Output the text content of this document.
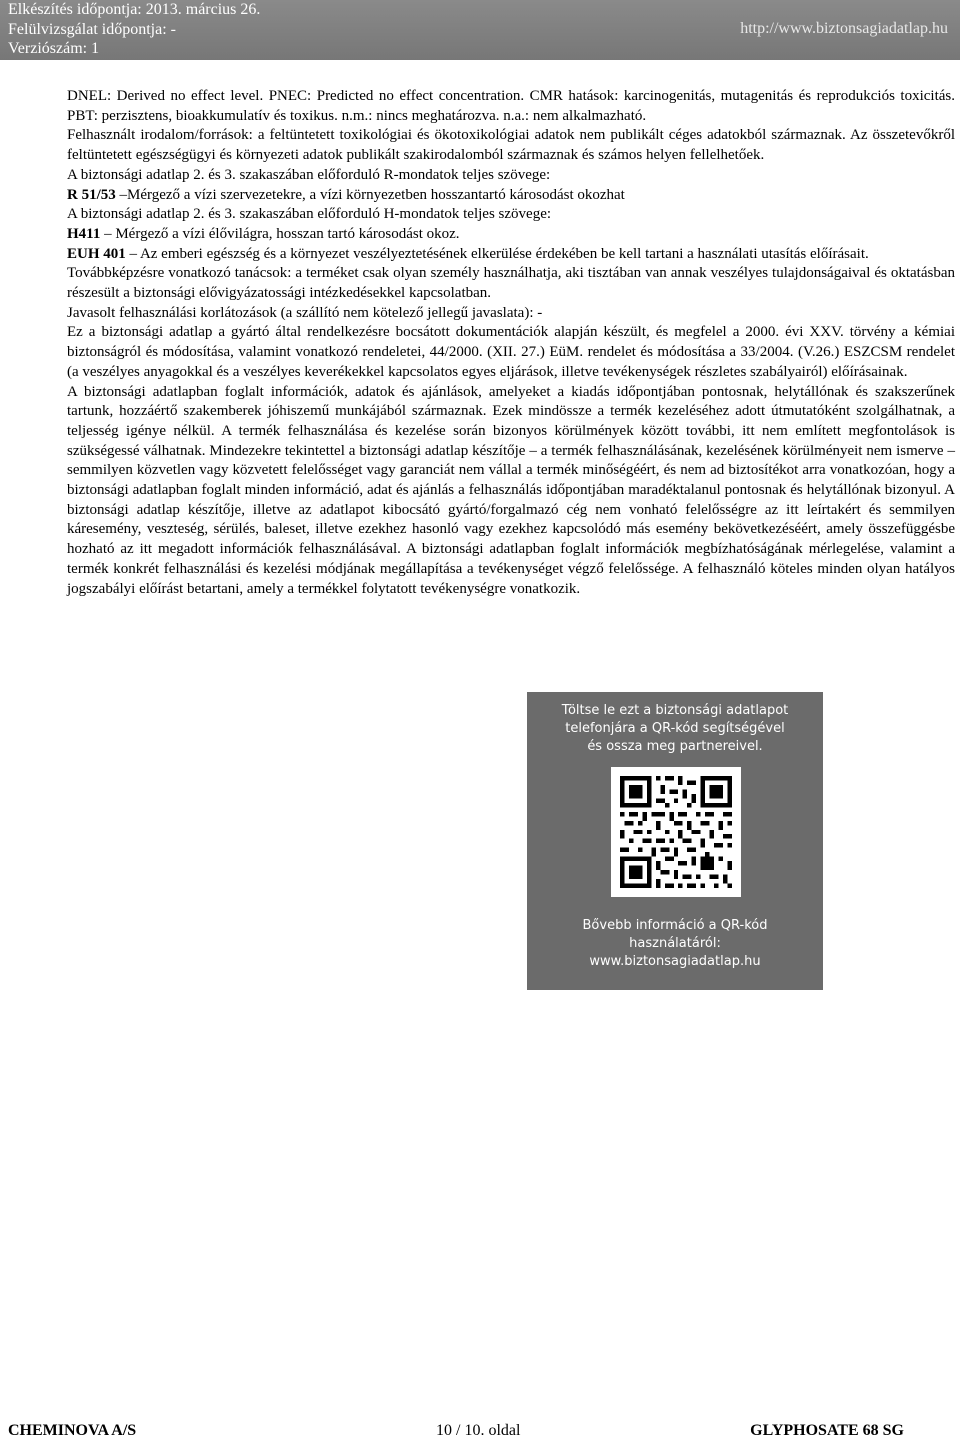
Elkészítés időpontja: 2013. március 26.
Felülvizsgálat időpontja: -
Verziószám: 1
http://www.biztonsagiadatlap.hu

DNEL: Derived no effect level. PNEC: Predicted no effect concentration. CMR hatások: karcinogenitás, mutagenitás és reprodukciós toxicitás. PBT: perzisztens, bioakkumulatív és toxikus. n.m.: nincs meghatározva. n.a.: nem alkalmazható.

Felhasznált irodalom/források: a feltüntetett toxikológiai és ökotoxikológiai adatok nem publikált céges adatokból származnak. Az összetevőkről feltüntetett egészségügyi és környezeti adatok publikált szakirodalomból származnak és számos helyen fellelhetőek.

A biztonsági adatlap 2. és 3. szakaszában előforduló R-mondatok teljes szövege:

R 51/53 –Mérgező a vízi szervezetekre, a vízi környezetben hosszantartó károsodást okozhat

A biztonsági adatlap 2. és 3. szakaszában előforduló H-mondatok teljes szövege:

H411 – Mérgező a vízi élővilágra, hosszan tartó károsodást okoz.

EUH 401 – Az emberi egészség és a környezet veszélyeztetésének elkerülése érdekében be kell tartani a használati utasítás előírásait.

Továbbképzésre vonatkozó tanácsok: a terméket csak olyan személy használhatja, aki tisztában van annak veszélyes tulajdonságaival és oktatásban részesült a biztonsági elővigyázatossági intézkedésekkel kapcsolatban.

Javasolt felhasználási korlátozások (a szállító nem kötelező jellegű javaslata): -

Ez a biztonsági adatlap a gyártó által rendelkezésre bocsátott dokumentációk alapján készült, és megfelel a 2000. évi XXV. törvény a kémiai biztonságról és módosítása, valamint vonatkozó rendeletei, 44/2000. (XII. 27.) EüM. rendelet és módosítása a 33/2004. (V.26.) ESZCSM rendelet (a veszélyes anyagokkal és a veszélyes keverékekkel kapcsolatos egyes eljárások, illetve tevékenységek részletes szabályairól) előírásainak.

A biztonsági adatlapban foglalt információk, adatok és ajánlások, amelyeket a kiadás időpontjában pontosnak, helytállónak és szakszerűnek tartunk, hozzáértő szakemberek jóhiszemű munkájából származnak. Ezek mindössze a termék kezeléséhez adott útmutatóként szolgálhatnak, a teljesség igénye nélkül. A termék felhasználása és kezelése során bizonyos körülmények között további, itt nem említett megfontolások is szükségessé válhatnak. Mindezekre tekintettel a biztonsági adatlap készítője – a termék felhasználásának, kezelésének körülményeit nem ismerve – semmilyen közvetlen vagy közvetett felelősséget vagy garanciát nem vállal a termék minőségéért, és nem ad biztosítékot arra vonatkozóan, hogy a biztonsági adatlapban foglalt minden információ, adat és ajánlás a felhasználás időpontjában maradéktalanul pontosnak és helytállónak bizonyul. A biztonsági adatlap készítője, illetve az adatlapot kibocsátó gyártó/forgalmazó cég nem vonható felelősségre az itt leírtakért és semmilyen káresemény, veszteség, sérülés, baleset, illetve ezekhez hasonló vagy ezekhez kapcsolódó más esemény bekövetkezéséért, amely összefüggésbe hozható az itt megadott információk felhasználásával. A biztonsági adatlapban foglalt információk megbízhatóságának mérlegelése, valamint a termék konkrét felhasználási és kezelési módjának megállapítása a tevékenységet végző felelőssége. A felhasználó köteles minden olyan hatályos jogszabályi előírást betartani, amely a termékkel folytatott tevékenységre vonatkozik.

Töltse le ezt a biztonsági adatlapot
telefonjára a QR-kód segítségével
és ossza meg partnereivel.
Bővebb információ a QR-kód
használatáról:
www.biztonsagiadatlap.hu
CHEMINOVA A/S	10 / 10. oldal	GLYPHOSATE 68 SG
